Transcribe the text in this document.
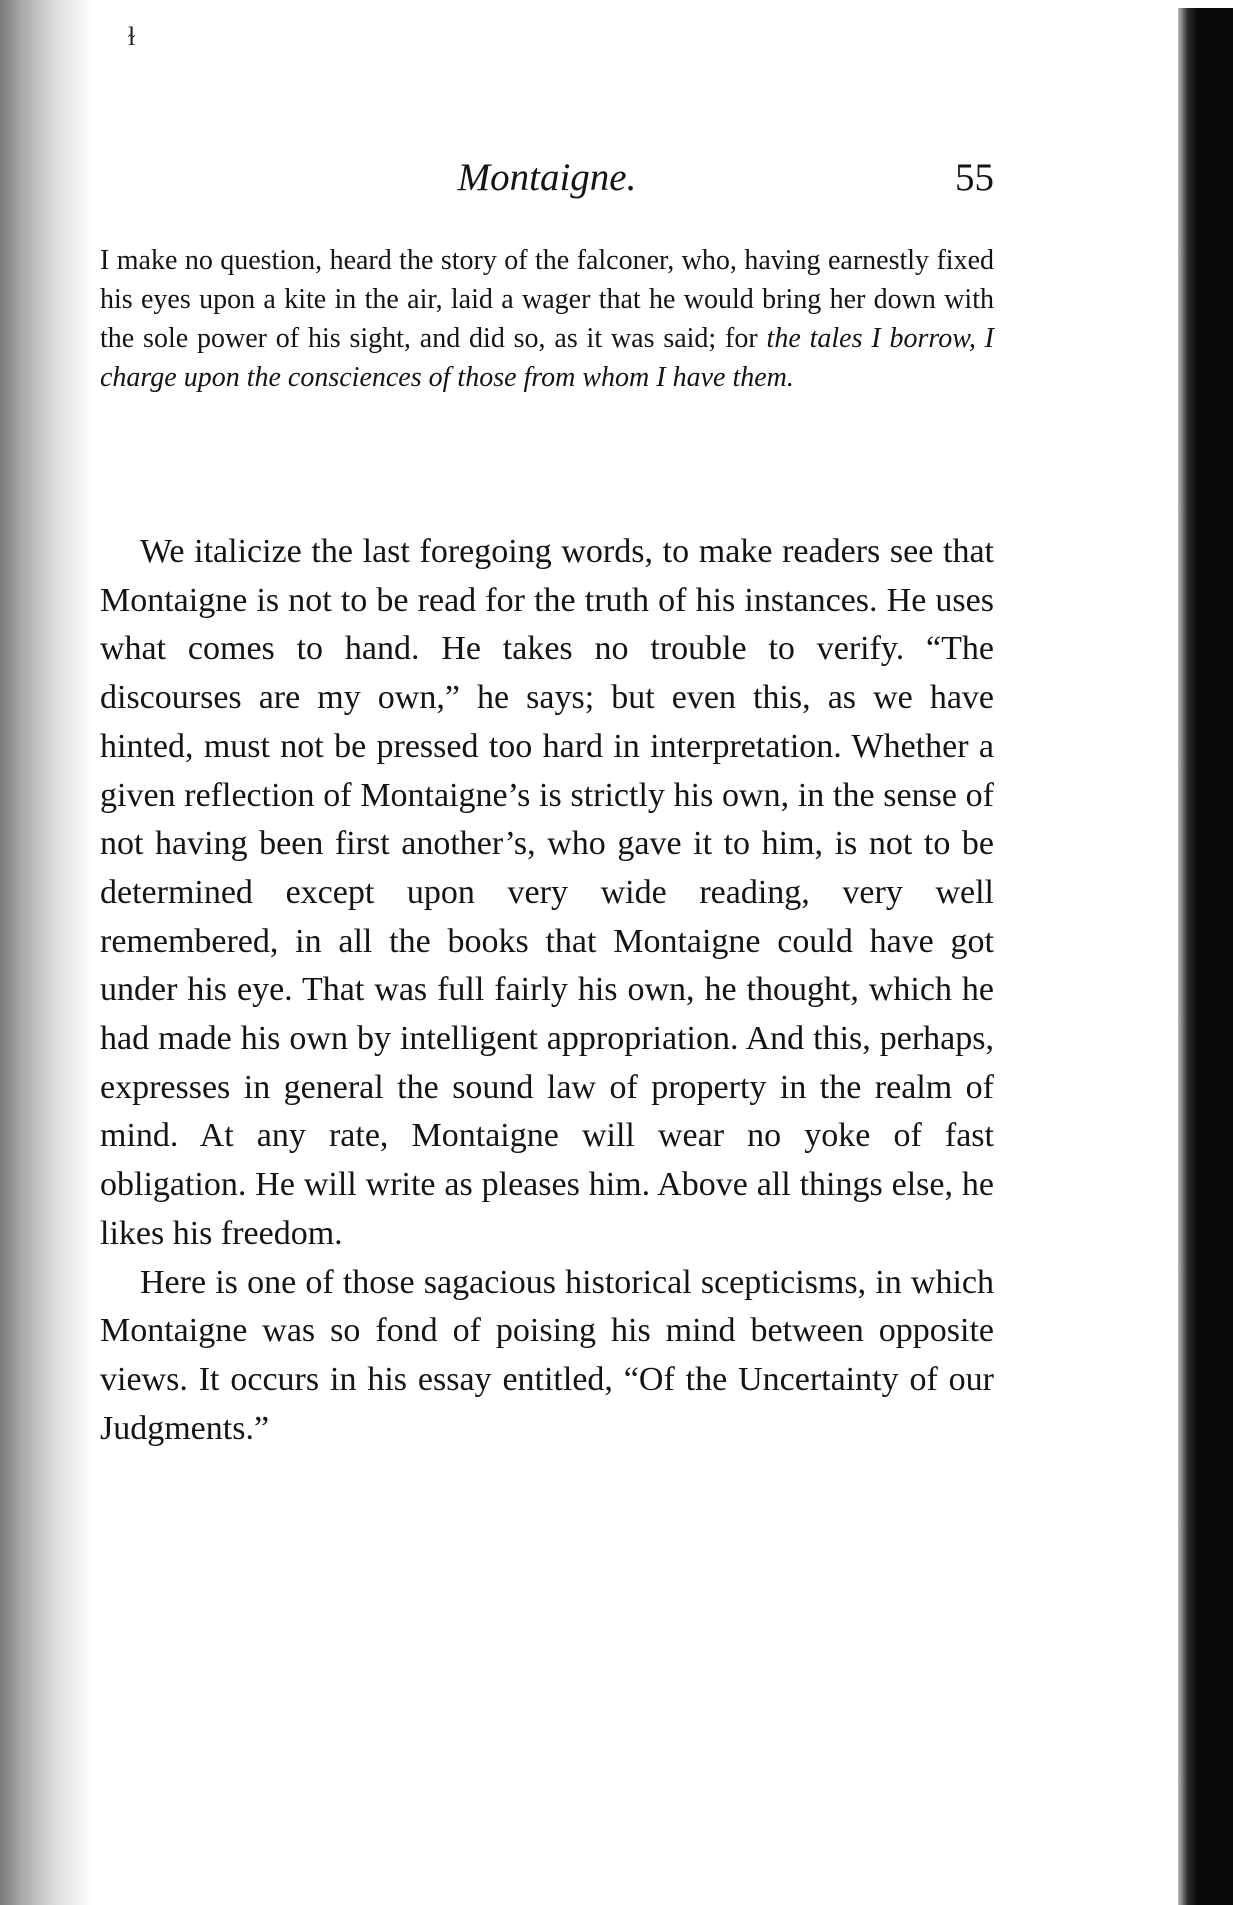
ɫ
Montaigne.	55

I make no question, heard the story of the falconer, who, having earnestly fixed his eyes upon a kite in the air, laid a wager that he would bring her down with the sole power of his sight, and did so, as it was said; for the tales I borrow, I charge upon the consciences of those from whom I have them.

We italicize the last foregoing words, to make readers see that Montaigne is not to be read for the truth of his instances. He uses what comes to hand. He takes no trouble to verify. “The discourses are my own,” he says; but even this, as we have hinted, must not be pressed too hard in interpretation. Whether a given reflection of Montaigne’s is strictly his own, in the sense of not having been first another’s, who gave it to him, is not to be determined except upon very wide reading, very well remembered, in all the books that Montaigne could have got under his eye. That was full fairly his own, he thought, which he had made his own by intelligent appropriation. And this, perhaps, expresses in general the sound law of property in the realm of mind. At any rate, Montaigne will wear no yoke of fast obligation. He will write as pleases him. Above all things else, he likes his freedom.

Here is one of those sagacious historical scepticisms, in which Montaigne was so fond of poising his mind between opposite views. It occurs in his essay entitled, “Of the Uncertainty of our Judgments.”
